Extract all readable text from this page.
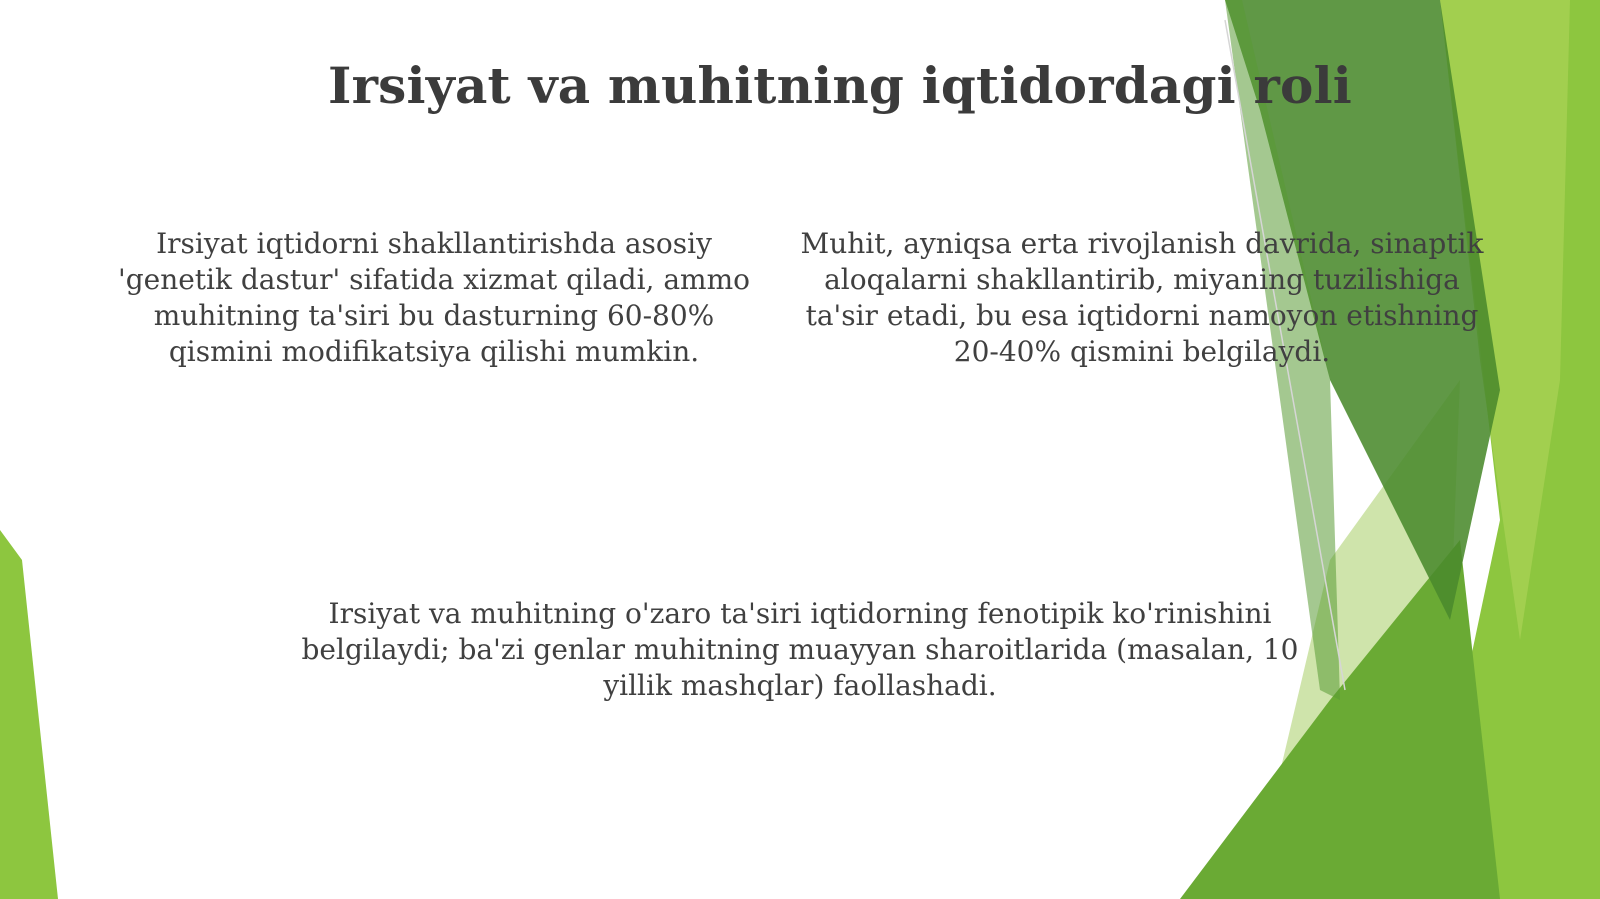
Irsiyat va muhitning iqtidordagi roli

Irsiyat iqtidorni shakllantirishda asosiy 'genetik dastur' sifatida xizmat qiladi, ammo muhitning ta'siri bu dasturning 60-80% qismini modifikatsiya qilishi mumkin.

Muhit, ayniqsa erta rivojlanish davrida, sinaptik aloqalarni shakllantirib, miyaning tuzilishiga ta'sir etadi, bu esa iqtidorni namoyon etishning 20-40% qismini belgilaydi.

Irsiyat va muhitning o'zaro ta'siri iqtidorning fenotipik ko'rinishini belgilaydi; ba'zi genlar muhitning muayyan sharoitlarida (masalan, 10 yillik mashqlar) faollashadi.
